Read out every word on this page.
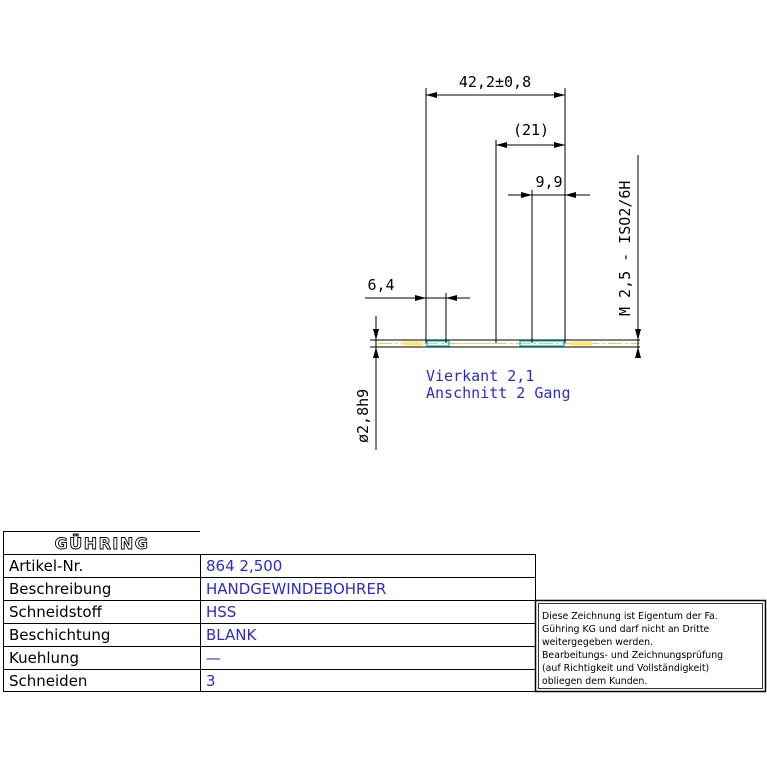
42,2±0,8
(21)
9,9
6,4	M 2,5 - ISO2/6H
ø2,8h9
Vierkant 2,1
Anschnitt 2 Gang
GÜHRING
Artikel-Nr.
Beschreibung
Schneidstoff
Beschichtung
Kuehlung
Schneiden
864 2,500
HANDGEWINDEBOHRER
HSS
BLANK
—
3
Diese Zeichnung ist Eigentum der Fa.
Gühring KG und darf nicht an Dritte
weitergegeben werden.
Bearbeitungs- und Zeichnungsprüfung
(auf Richtigkeit und Vollständigkeit)
obliegen dem Kunden.
